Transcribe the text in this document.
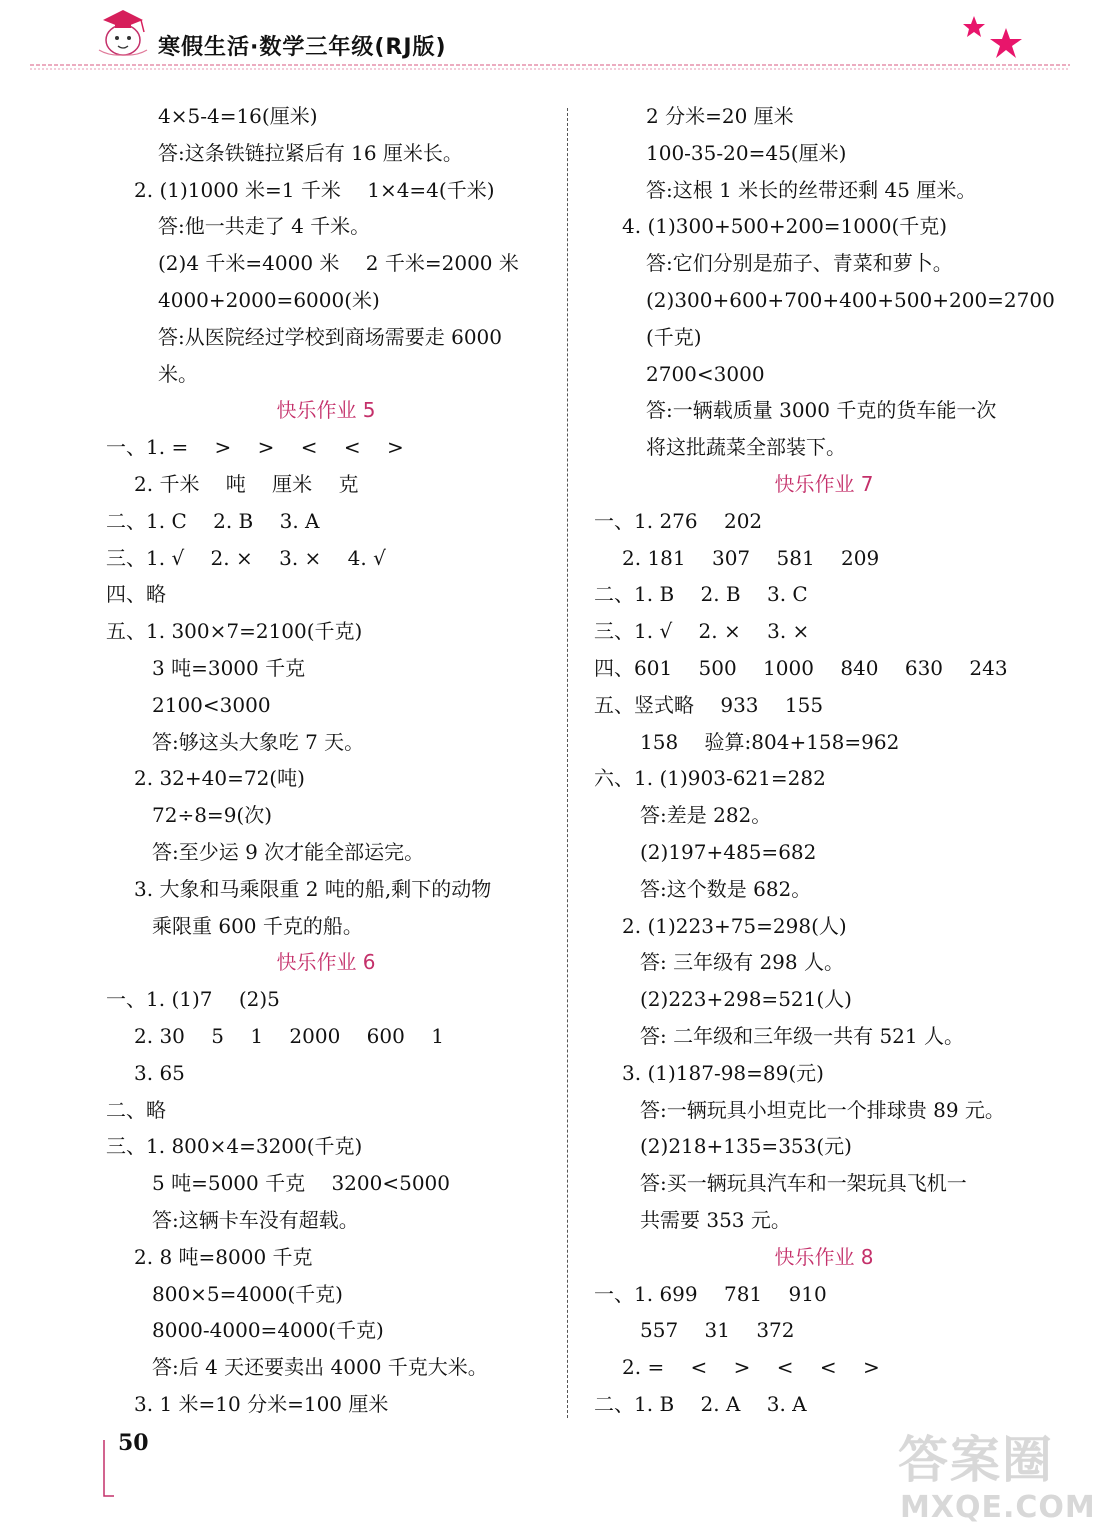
寒假生活·数学三年级(RJ版)
4×5-4=16(厘米)
答:这条铁链拉紧后有 16 厘米长。
2. (1)1000 米=1 千米　 1×4=4(千米)
答:他一共走了 4 千米。
(2)4 千米=4000 米　 2 千米=2000 米
4000+2000=6000(米)
答:从医院经过学校到商场需要走 6000
米。
快乐作业 5
一、1. =　 >　 >　 <　 <　 >
2. 千米　 吨　 厘米　 克
二、1. C　 2. B　 3. A
三、1. √　 2. ×　 3. ×　 4. √
四、略
五、1. 300×7=2100(千克)
3 吨=3000 千克
2100<3000
答:够这头大象吃 7 天。
2. 32+40=72(吨)
72÷8=9(次)
答:至少运 9 次才能全部运完。
3. 大象和马乘限重 2 吨的船,剩下的动物
乘限重 600 千克的船。
快乐作业 6
一、1. (1)7　 (2)5
2. 30　 5　 1　 2000　 600　 1
3. 65
二、略
三、1. 800×4=3200(千克)
5 吨=5000 千克　 3200<5000
答:这辆卡车没有超载。
2. 8 吨=8000 千克
800×5=4000(千克)
8000-4000=4000(千克)
答:后 4 天还要卖出 4000 千克大米。
3. 1 米=10 分米=100 厘米
2 分米=20 厘米
100-35-20=45(厘米)
答:这根 1 米长的丝带还剩 45 厘米。
4. (1)300+500+200=1000(千克)
答:它们分别是茄子、青菜和萝卜。
(2)300+600+700+400+500+200=2700
(千克)
2700<3000
答:一辆载质量 3000 千克的货车能一次
将这批蔬菜全部装下。
快乐作业 7
一、1. 276　 202
2. 181　 307　 581　 209
二、1. B　 2. B　 3. C
三、1. √　 2. ×　 3. ×
四、601　 500　 1000　 840　 630　 243
五、竖式略　 933　 155
158　 验算:804+158=962
六、1. (1)903-621=282
答:差是 282。
(2)197+485=682
答:这个数是 682。
2. (1)223+75=298(人)
答: 三年级有 298 人。
(2)223+298=521(人)
答: 二年级和三年级一共有 521 人。
3. (1)187-98=89(元)
答:一辆玩具小坦克比一个排球贵 89 元。
(2)218+135=353(元)
答:买一辆玩具汽车和一架玩具飞机一
共需要 353 元。
快乐作业 8
一、1. 699　 781　 910
557　 31　 372
2. =　 <　 >　 <　 <　 >
二、1. B　 2. A　 3. A
50	答案圈
MXQE.COM
